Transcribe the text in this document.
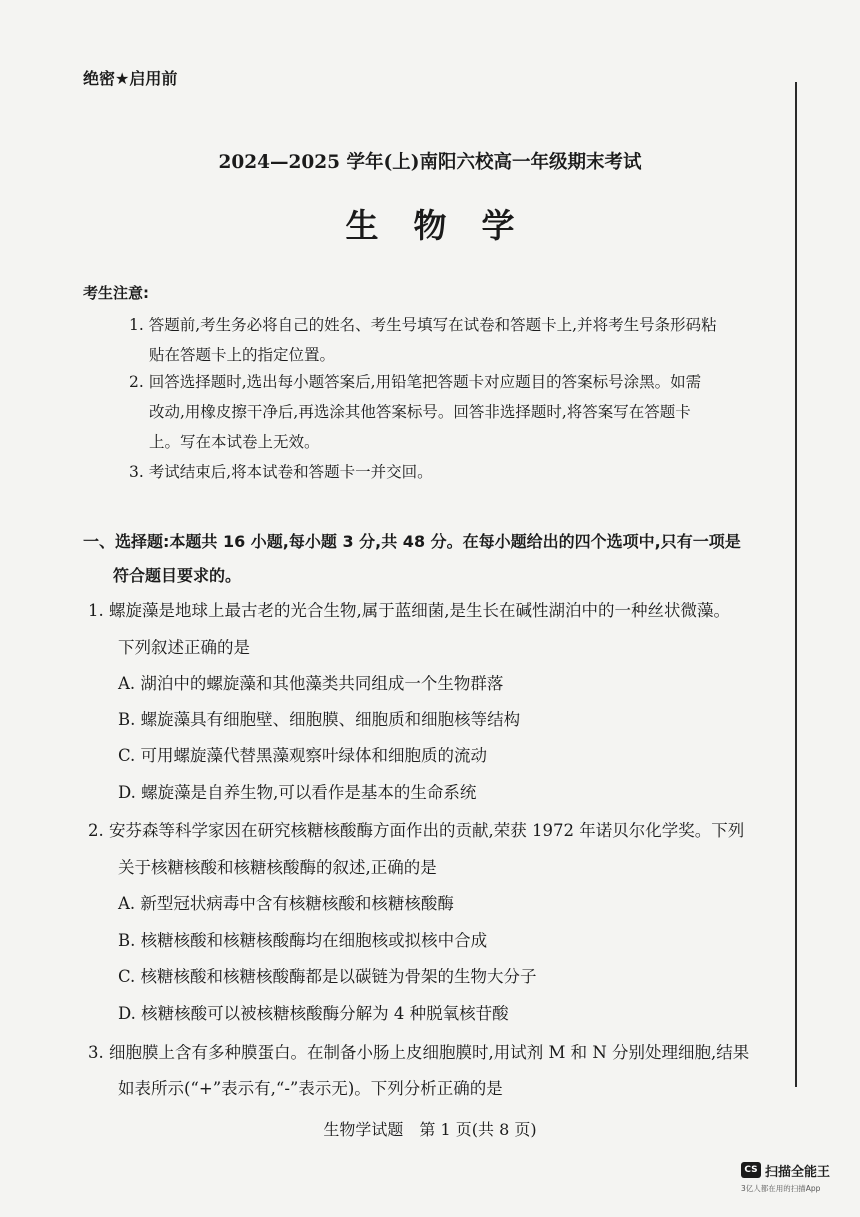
绝密★启用前
2024—2025 学年(上)南阳六校高一年级期末考试
生物学
考生注意:
1. 答题前,考生务必将自己的姓名、考生号填写在试卷和答题卡上,并将考生号条形码粘
贴在答题卡上的指定位置。
2. 回答选择题时,选出每小题答案后,用铅笔把答题卡对应题目的答案标号涂黑。如需
改动,用橡皮擦干净后,再选涂其他答案标号。回答非选择题时,将答案写在答题卡
上。写在本试卷上无效。
3. 考试结束后,将本试卷和答题卡一并交回。
一、选择题:本题共 16 小题,每小题 3 分,共 48 分。在每小题给出的四个选项中,只有一项是
符合题目要求的。
1. 螺旋藻是地球上最古老的光合生物,属于蓝细菌,是生长在碱性湖泊中的一种丝状微藻。
下列叙述正确的是
A. 湖泊中的螺旋藻和其他藻类共同组成一个生物群落
B. 螺旋藻具有细胞壁、细胞膜、细胞质和细胞核等结构
C. 可用螺旋藻代替黑藻观察叶绿体和细胞质的流动
D. 螺旋藻是自养生物,可以看作是基本的生命系统
2. 安芬森等科学家因在研究核糖核酸酶方面作出的贡献,荣获 1972 年诺贝尔化学奖。下列
关于核糖核酸和核糖核酸酶的叙述,正确的是
A. 新型冠状病毒中含有核糖核酸和核糖核酸酶
B. 核糖核酸和核糖核酸酶均在细胞核或拟核中合成
C. 核糖核酸和核糖核酸酶都是以碳链为骨架的生物大分子
D. 核糖核酸可以被核糖核酸酶分解为 4 种脱氧核苷酸
3. 细胞膜上含有多种膜蛋白。在制备小肠上皮细胞膜时,用试剂 M 和 N 分别处理细胞,结果
如表所示(“+”表示有,“-”表示无)。下列分析正确的是
生物学试题　第 1 页(共 8 页)
CS 扫描全能王
3亿人都在用的扫描App
